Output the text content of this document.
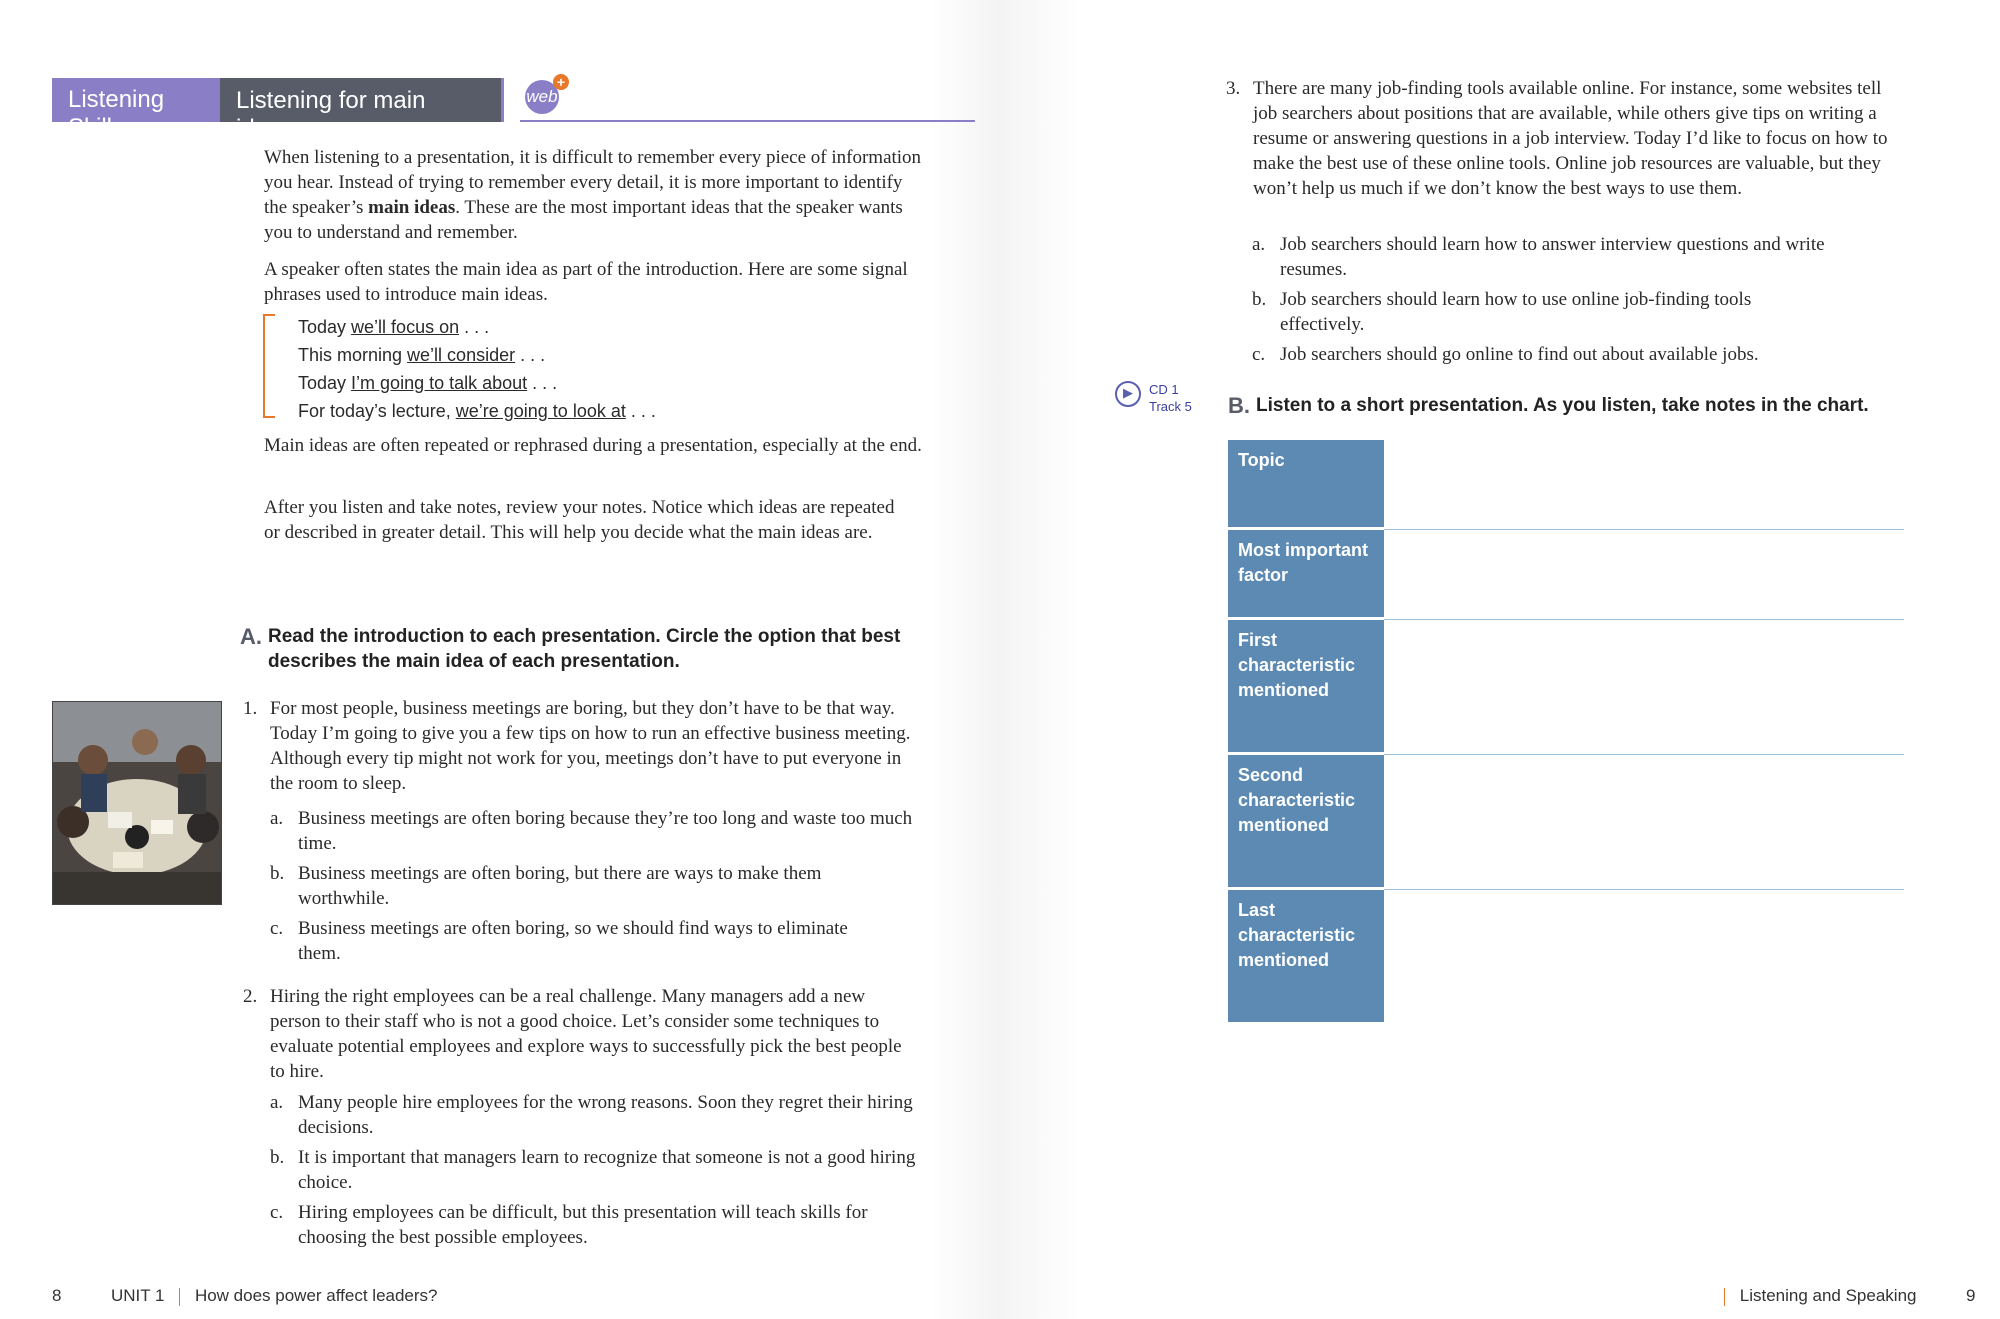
Listening Skill
Listening for main ideas
web
+
When listening to a presentation, it is difficult to remember every piece of information you hear. Instead of trying to remember every detail, it is more important to identify the speaker’s main ideas. These are the most important ideas that the speaker wants you to understand and remember.
A speaker often states the main idea as part of the introduction. Here are some signal phrases used to introduce main ideas.
Today we’ll focus on . . .
This morning we’ll consider . . .
Today I’m going to talk about . . .
For today’s lecture, we’re going to look at . . .
Main ideas are often repeated or rephrased during a presentation, especially at the end.
After you listen and take notes, review your notes. Notice which ideas are repeated or described in greater detail. This will help you decide what the main ideas are.
A. Read the introduction to each presentation. Circle the option that best describes the main idea of each presentation.
1. For most people, business meetings are boring, but they don’t have to be that way. Today I’m going to give you a few tips on how to run an effective business meeting. Although every tip might not work for you, meetings don’t have to put everyone in the room to sleep.
a. Business meetings are often boring because they’re too long and waste too much time.
b. Business meetings are often boring, but there are ways to make them worthwhile.
c. Business meetings are often boring, so we should find ways to eliminate them.
2. Hiring the right employees can be a real challenge. Many managers add a new person to their staff who is not a good choice. Let’s consider some techniques to evaluate potential employees and explore ways to successfully pick the best people to hire.
a. Many people hire employees for the wrong reasons. Soon they regret their hiring decisions.
b. It is important that managers learn to recognize that someone is not a good hiring choice.
c. Hiring employees can be difficult, but this presentation will teach skills for choosing the best possible employees.
8	UNIT 1 How does power affect leaders?
3. There are many job-finding tools available online. For instance, some websites tell job searchers about positions that are available, while others give tips on writing a resume or answering questions in a job interview. Today I’d like to focus on how to make the best use of these online tools. Online job resources are valuable, but they won’t help us much if we don’t know the best ways to use them.
a. Job searchers should learn how to answer interview questions and write resumes.
b. Job searchers should learn how to use online job-finding tools effectively.
c. Job searchers should go online to find out about available jobs.
▶	CD 1
Track 5 B. Listen to a short presentation. As you listen, take notes in the chart.
Topic
Most important factor
First characteristic mentioned
Second characteristic mentioned
Last characteristic mentioned
Listening and Speaking	9
